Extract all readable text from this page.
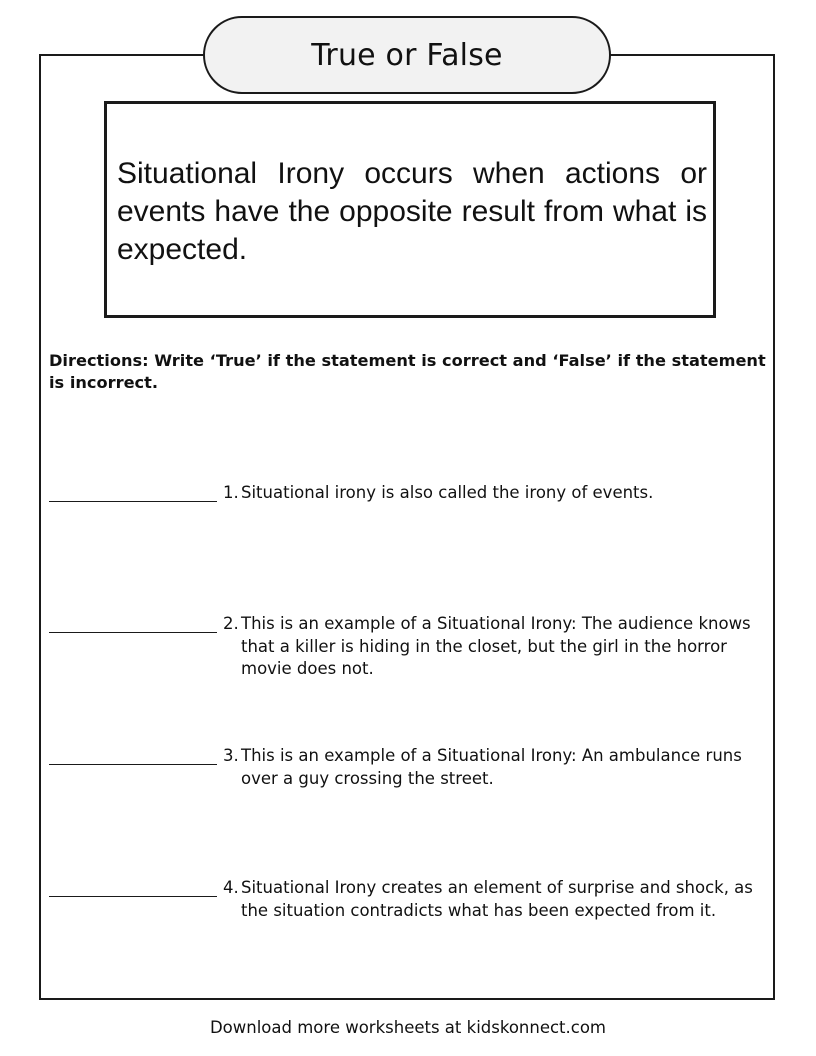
True or False

Situational Irony occurs when actions or events have the opposite result from what is expected.

Directions: Write ‘True’ if the statement is correct and ‘False’ if the statement is incorrect.

1. Situational irony is also called the irony of events.
2. This is an example of a Situational Irony: The audience knows that a killer is hiding in the closet, but the girl in the horror movie does not.
3. This is an example of a Situational Irony: An ambulance runs over a guy crossing the street.
4. Situational Irony creates an element of surprise and shock, as the situation contradicts what has been expected from it.
Download more worksheets at kidskonnect.com
